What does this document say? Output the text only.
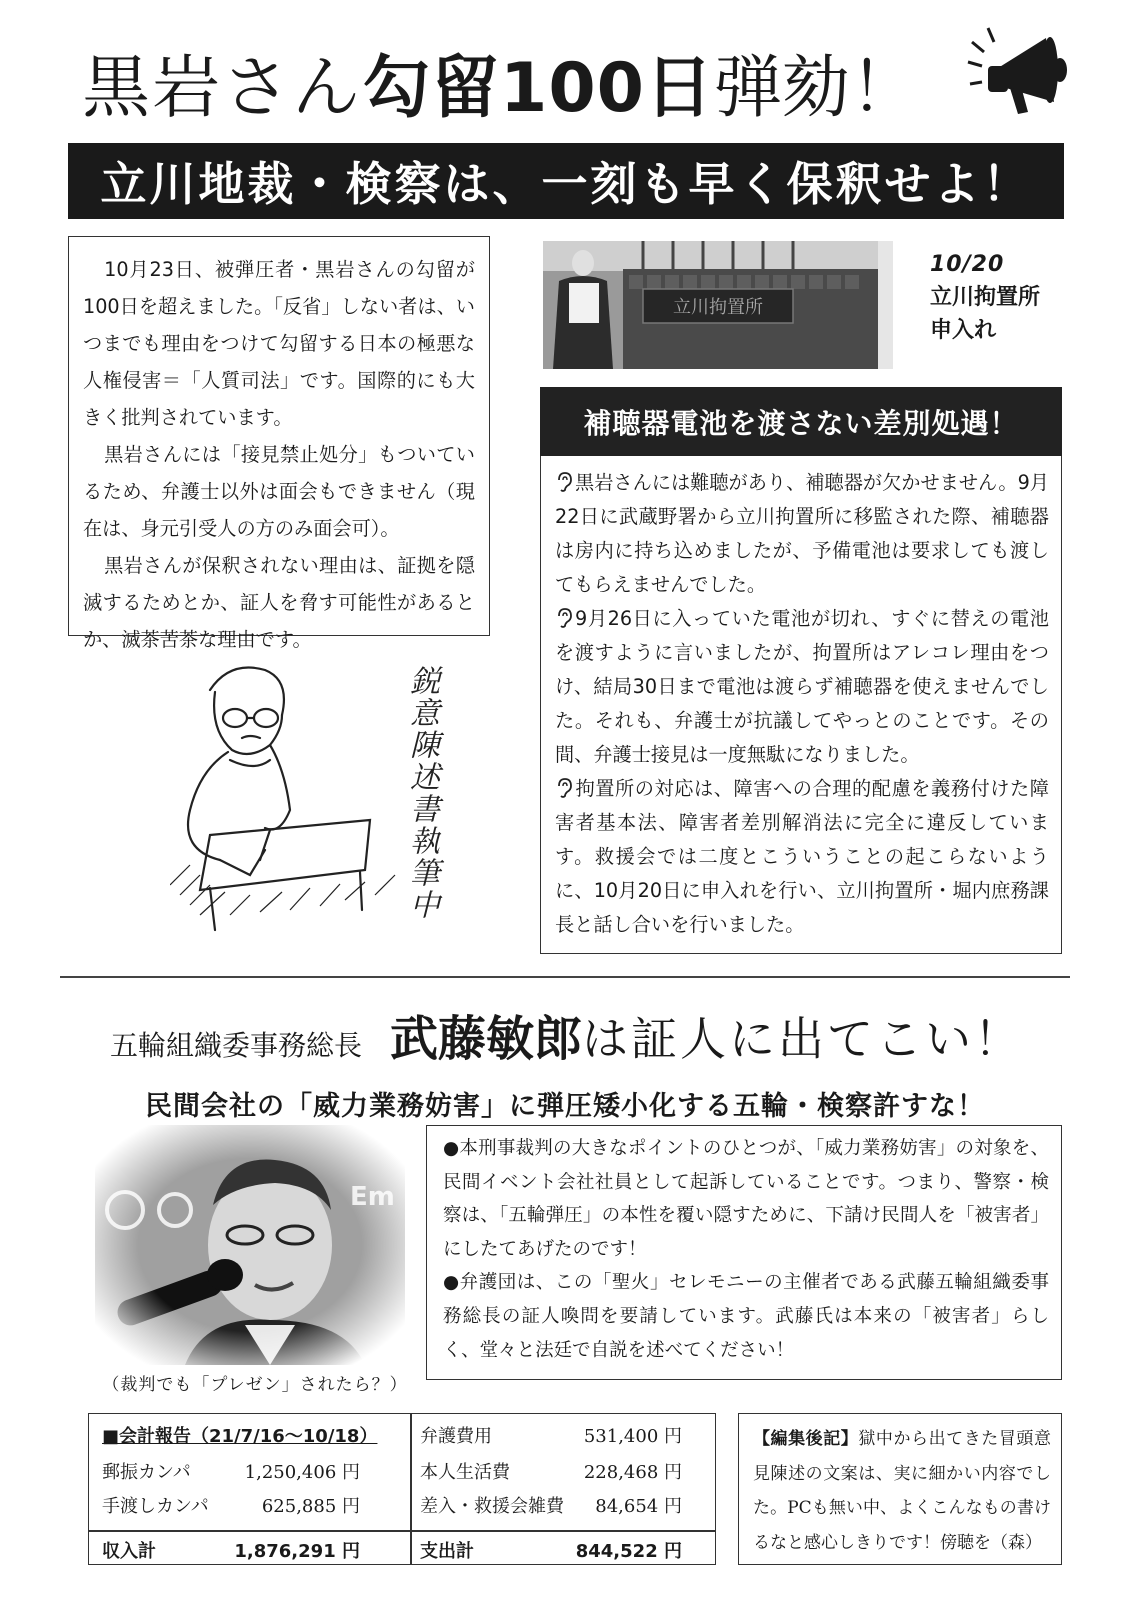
黒岩さん 勾留100日 弾劾！
立川地裁・検察は、一刻も早く保釈せよ！

10月23日、被弾圧者・黒岩さんの勾留が100日を超えました。「反省」しない者は、いつまでも理由をつけて勾留する日本の極悪な人権侵害＝「人質司法」です。国際的にも大きく批判されています。

黒岩さんには「接見禁止処分」もついているため、弁護士以外は面会もできません（現在は、身元引受人の方のみ面会可）。

黒岩さんが保釈されない理由は、証拠を隠滅するためとか、証人を脅す可能性があるとか、滅茶苦茶な理由です。

立川拘置所
10/20
立川拘置所
申入れ
鋭意陳述書執筆中
補聴器電池を渡さない差別処遇！

黒岩さんには難聴があり、補聴器が欠かせません。9月22日に武蔵野署から立川拘置所に移監された際、補聴器は房内に持ち込めましたが、予備電池は要求しても渡してもらえませんでした。

9月26日に入っていた電池が切れ、すぐに替えの電池を渡すように言いましたが、拘置所はアレコレ理由をつけ、結局30日まで電池は渡らず補聴器を使えませんでした。それも、弁護士が抗議してやっとのことです。その間、弁護士接見は一度無駄になりました。

拘置所の対応は、障害への合理的配慮を義務付けた障害者基本法、障害者差別解消法に完全に違反しています。救援会では二度とこういうことの起こらないように、10月20日に申入れを行い、立川拘置所・堀内庶務課長と話し合いを行いました。

五輪組織委事務総長 武藤敏郎 は証人に出てこい！
民間会社の「威力業務妨害」に弾圧矮小化する五輪・検察許すな！
（裁判でも「プレゼン」されたら？）

●本刑事裁判の大きなポイントのひとつが、「威力業務妨害」の対象を、民間イベント会社社員として起訴していることです。つまり、警察・検察は、「五輪弾圧」の本性を覆い隠すために、下請け民間人を「被害者」にしたてあげたのです！

●弁護団は、この「聖火」セレモニーの主催者である武藤五輪組織委事務総長の証人喚問を要請しています。武藤氏は本来の「被害者」らしく、堂々と法廷で自説を述べてください！

■会計報告（21/7/16〜10/18）
郵振カンパ	1,250,406 円
手渡しカンパ	625,885 円
収入計	1,876,291 円
弁護費用	531,400 円
本人生活費	228,468 円
差入・救援会雑費 84,654 円
支出計	844,522 円

【編集後記】獄中から出てきた冒頭意見陳述の文案は、実に細かい内容でした。PCも無い中、よくこんなもの書けるなと感心しきりです！傍聴を（森）
